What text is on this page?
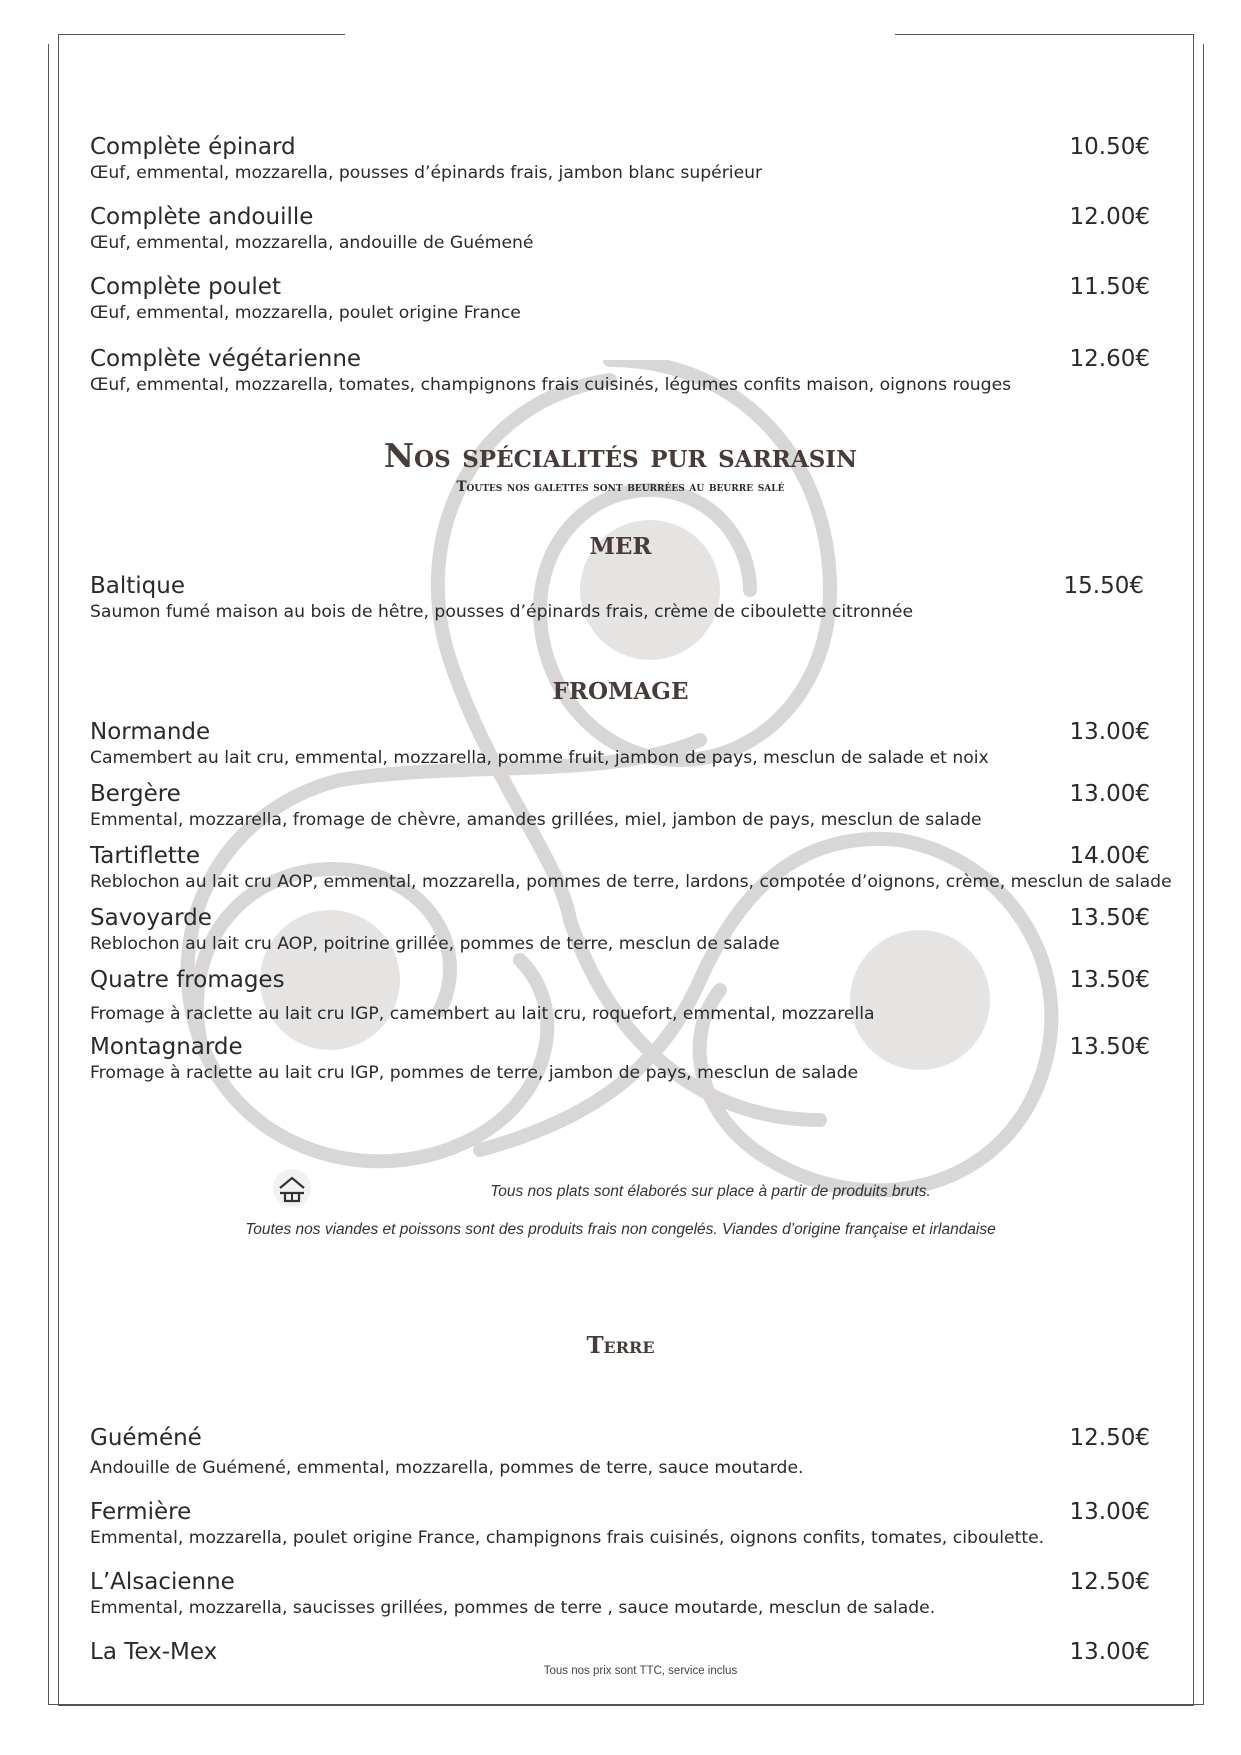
Complète épinard	10.50€
Œuf, emmental, mozzarella, pousses d’épinards frais, jambon blanc supérieur
Complète andouille	12.00€
Œuf, emmental, mozzarella, andouille de Guémené
Complète poulet	11.50€
Œuf, emmental, mozzarella, poulet origine France
Complète végétarienne	12.60€
Œuf, emmental, mozzarella, tomates, champignons frais cuisinés, légumes confits maison, oignons rouges
Nos spécialités pur sarrasin
Toutes nos galettes sont beurrées au beurre salé
MER
Baltique	15.50€
Saumon fumé maison au bois de hêtre, pousses d’épinards frais, crème de ciboulette citronnée
FROMAGE
Normande	13.00€
Camembert au lait cru, emmental, mozzarella, pomme fruit, jambon de pays, mesclun de salade et noix
Bergère	13.00€
Emmental, mozzarella, fromage de chèvre, amandes grillées, miel, jambon de pays, mesclun de salade
Tartiflette	14.00€
Reblochon au lait cru AOP, emmental, mozzarella, pommes de terre, lardons, compotée d’oignons, crème, mesclun de salade
Savoyarde	13.50€
Reblochon au lait cru AOP, poitrine grillée, pommes de terre, mesclun de salade
Quatre fromages	13.50€
Fromage à raclette au lait cru IGP, camembert au lait cru, roquefort, emmental, mozzarella
Montagnarde	13.50€
Fromage à raclette au lait cru IGP, pommes de terre, jambon de pays, mesclun de salade
Tous nos plats sont élaborés sur place à partir de produits bruts.
Toutes nos viandes et poissons sont des produits frais non congelés. Viandes d’origine française et irlandaise
Terre
Guéméné	12.50€
Andouille de Guémené, emmental, mozzarella, pommes de terre, sauce moutarde.
Fermière	13.00€
Emmental, mozzarella, poulet origine France, champignons frais cuisinés, oignons confits, tomates, ciboulette.
L’Alsacienne	12.50€
Emmental, mozzarella, saucisses grillées, pommes de terre , sauce moutarde, mesclun de salade.
La Tex-Mex	13.00€
Tous nos prix sont TTC, service inclus
